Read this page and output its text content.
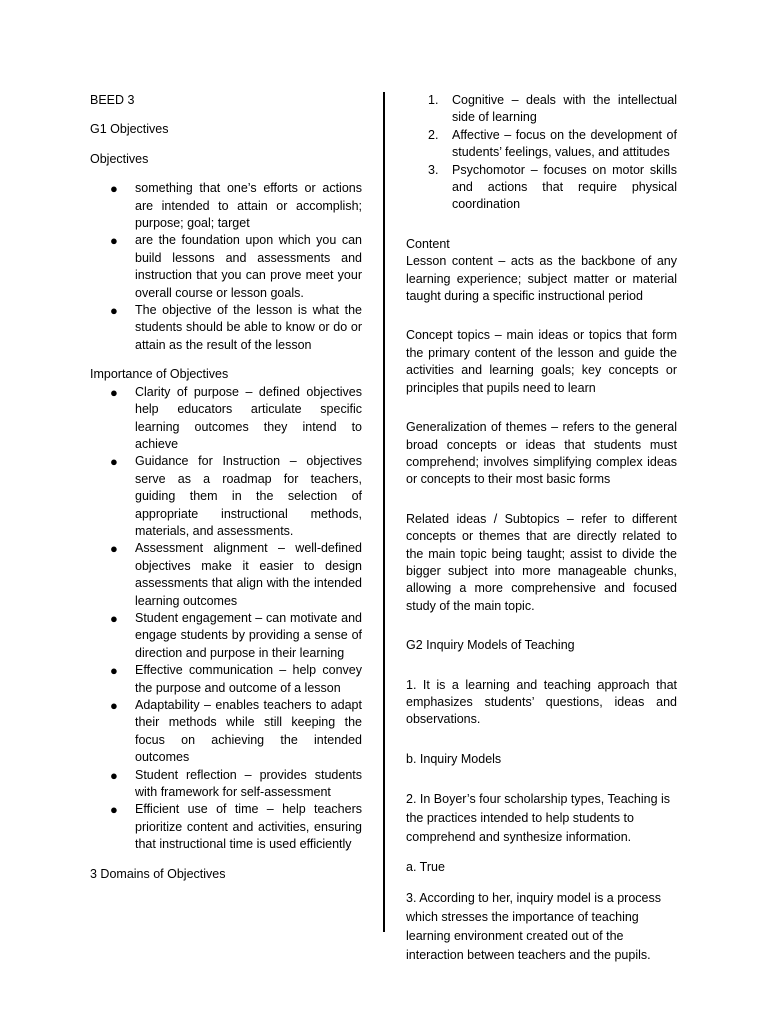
BEED 3

G1 Objectives

Objectives

● something that one’s efforts or actions are intended to attain or accomplish; purpose; goal; target
● are the foundation upon which you can build lessons and assessments and instruction that you can prove meet your overall course or lesson goals.
● The objective of the lesson is what the students should be able to know or do or attain as the result of the lesson

Importance of Objectives

● Clarity of purpose – defined objectives help educators articulate specific learning outcomes they intend to achieve
● Guidance for Instruction – objectives serve as a roadmap for teachers, guiding them in the selection of appropriate instructional methods, materials, and assessments.
● Assessment alignment – well-defined objectives make it easier to design assessments that align with the intended learning outcomes
● Student engagement – can motivate and engage students by providing a sense of direction and purpose in their learning
● Effective communication – help convey the purpose and outcome of a lesson
● Adaptability – enables teachers to adapt their methods while still keeping the focus on achieving the intended outcomes
● Student reflection – provides students with framework for self-assessment
● Efficient use of time – help teachers prioritize content and activities, ensuring that instructional time is used efficiently

3 Domains of Objectives

1. Cognitive – deals with the intellectual side of learning
2. Affective – focus on the development of students’ feelings, values, and attitudes
3. Psychomotor – focuses on motor skills and actions that require physical coordination

Content

Lesson content – acts as the backbone of any learning experience; subject matter or material taught during a specific instructional period

Concept topics – main ideas or topics that form the primary content of the lesson and guide the activities and learning goals; key concepts or principles that pupils need to learn

Generalization of themes – refers to the general broad concepts or ideas that students must comprehend; involves simplifying complex ideas or concepts to their most basic forms

Related ideas / Subtopics – refer to different concepts or themes that are directly related to the main topic being taught; assist to divide the bigger subject into more manageable chunks, allowing a more comprehensive and focused study of the main topic.

G2 Inquiry Models of Teaching

1. It is a learning and teaching approach that emphasizes students’ questions, ideas and observations.

b. Inquiry Models

2. In Boyer’s four scholarship types, Teaching is the practices intended to help students to comprehend and synthesize information.

a. True

3. According to her, inquiry model is a process which stresses the importance of teaching learning environment created out of the interaction between teachers and the pupils.
